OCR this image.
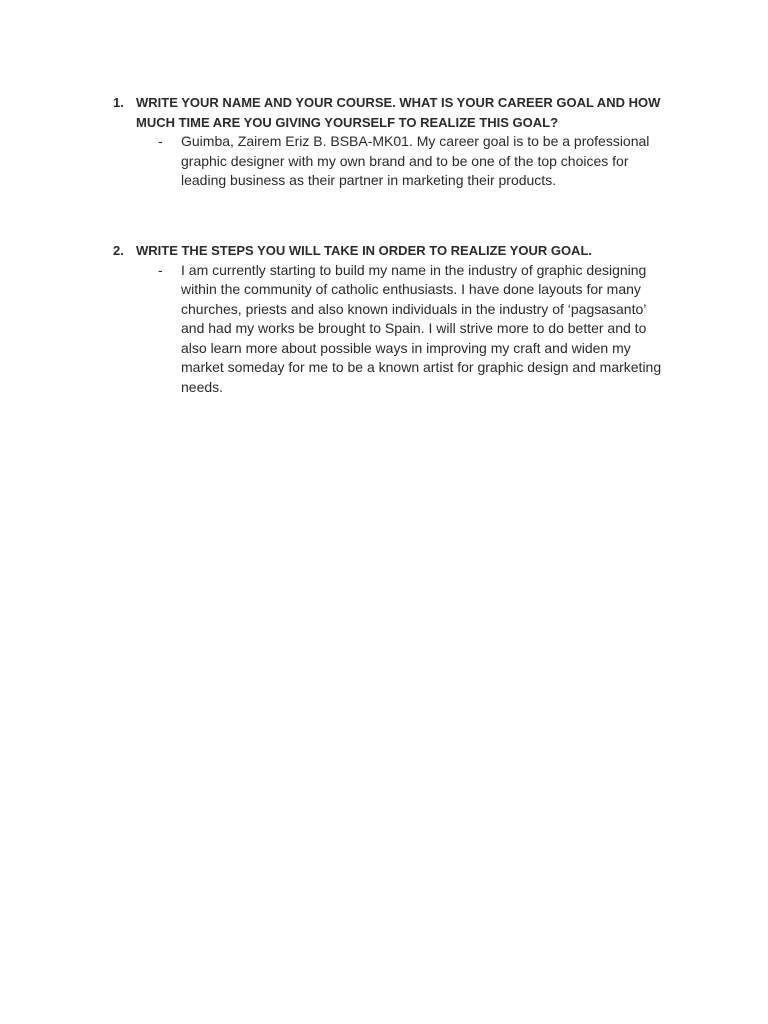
1. WRITE YOUR NAME AND YOUR COURSE. WHAT IS YOUR CAREER GOAL AND HOW MUCH TIME ARE YOU GIVING YOURSELF TO REALIZE THIS GOAL?
-	Guimba, Zairem Eriz B. BSBA-MK01. My career goal is to be a professional graphic designer with my own brand and to be one of the top choices for leading business as their partner in marketing their products.
2. WRITE THE STEPS YOU WILL TAKE IN ORDER TO REALIZE YOUR GOAL.
-	I am currently starting to build my name in the industry of graphic designing within the community of catholic enthusiasts. I have done layouts for many churches, priests and also known individuals in the industry of ‘pagsasanto’ and had my works be brought to Spain. I will strive more to do better and to also learn more about possible ways in improving my craft and widen my market someday for me to be a known artist for graphic design and marketing needs.
